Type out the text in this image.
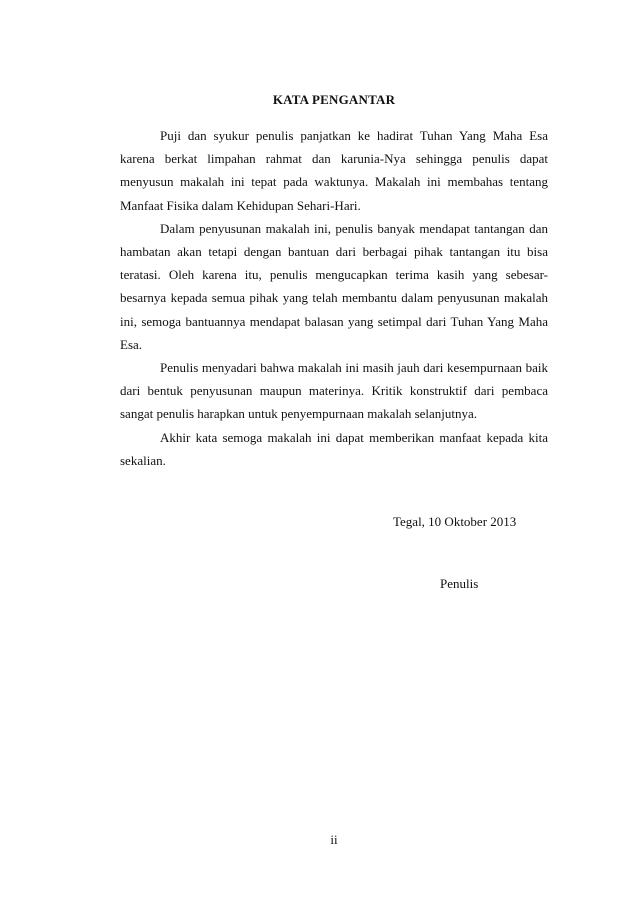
KATA PENGANTAR

Puji dan syukur penulis panjatkan ke hadirat Tuhan Yang Maha Esa karena berkat limpahan rahmat dan karunia-Nya sehingga penulis dapat menyusun makalah ini tepat pada waktunya. Makalah ini membahas tentang Manfaat Fisika dalam Kehidupan Sehari-Hari.

Dalam penyusunan makalah ini, penulis banyak mendapat tantangan dan hambatan akan tetapi dengan bantuan dari berbagai pihak tantangan itu bisa teratasi. Oleh karena itu, penulis mengucapkan terima kasih yang sebesar-besarnya kepada semua pihak yang telah membantu dalam penyusunan makalah ini, semoga bantuannya mendapat balasan yang setimpal dari Tuhan Yang Maha Esa.

Penulis menyadari bahwa makalah ini masih jauh dari kesempurnaan baik dari bentuk penyusunan maupun materinya. Kritik konstruktif dari pembaca sangat penulis harapkan untuk penyempurnaan makalah selanjutnya.

Akhir kata semoga makalah ini dapat memberikan manfaat kepada kita sekalian.

Tegal, 10 Oktober 2013
Penulis
ii
